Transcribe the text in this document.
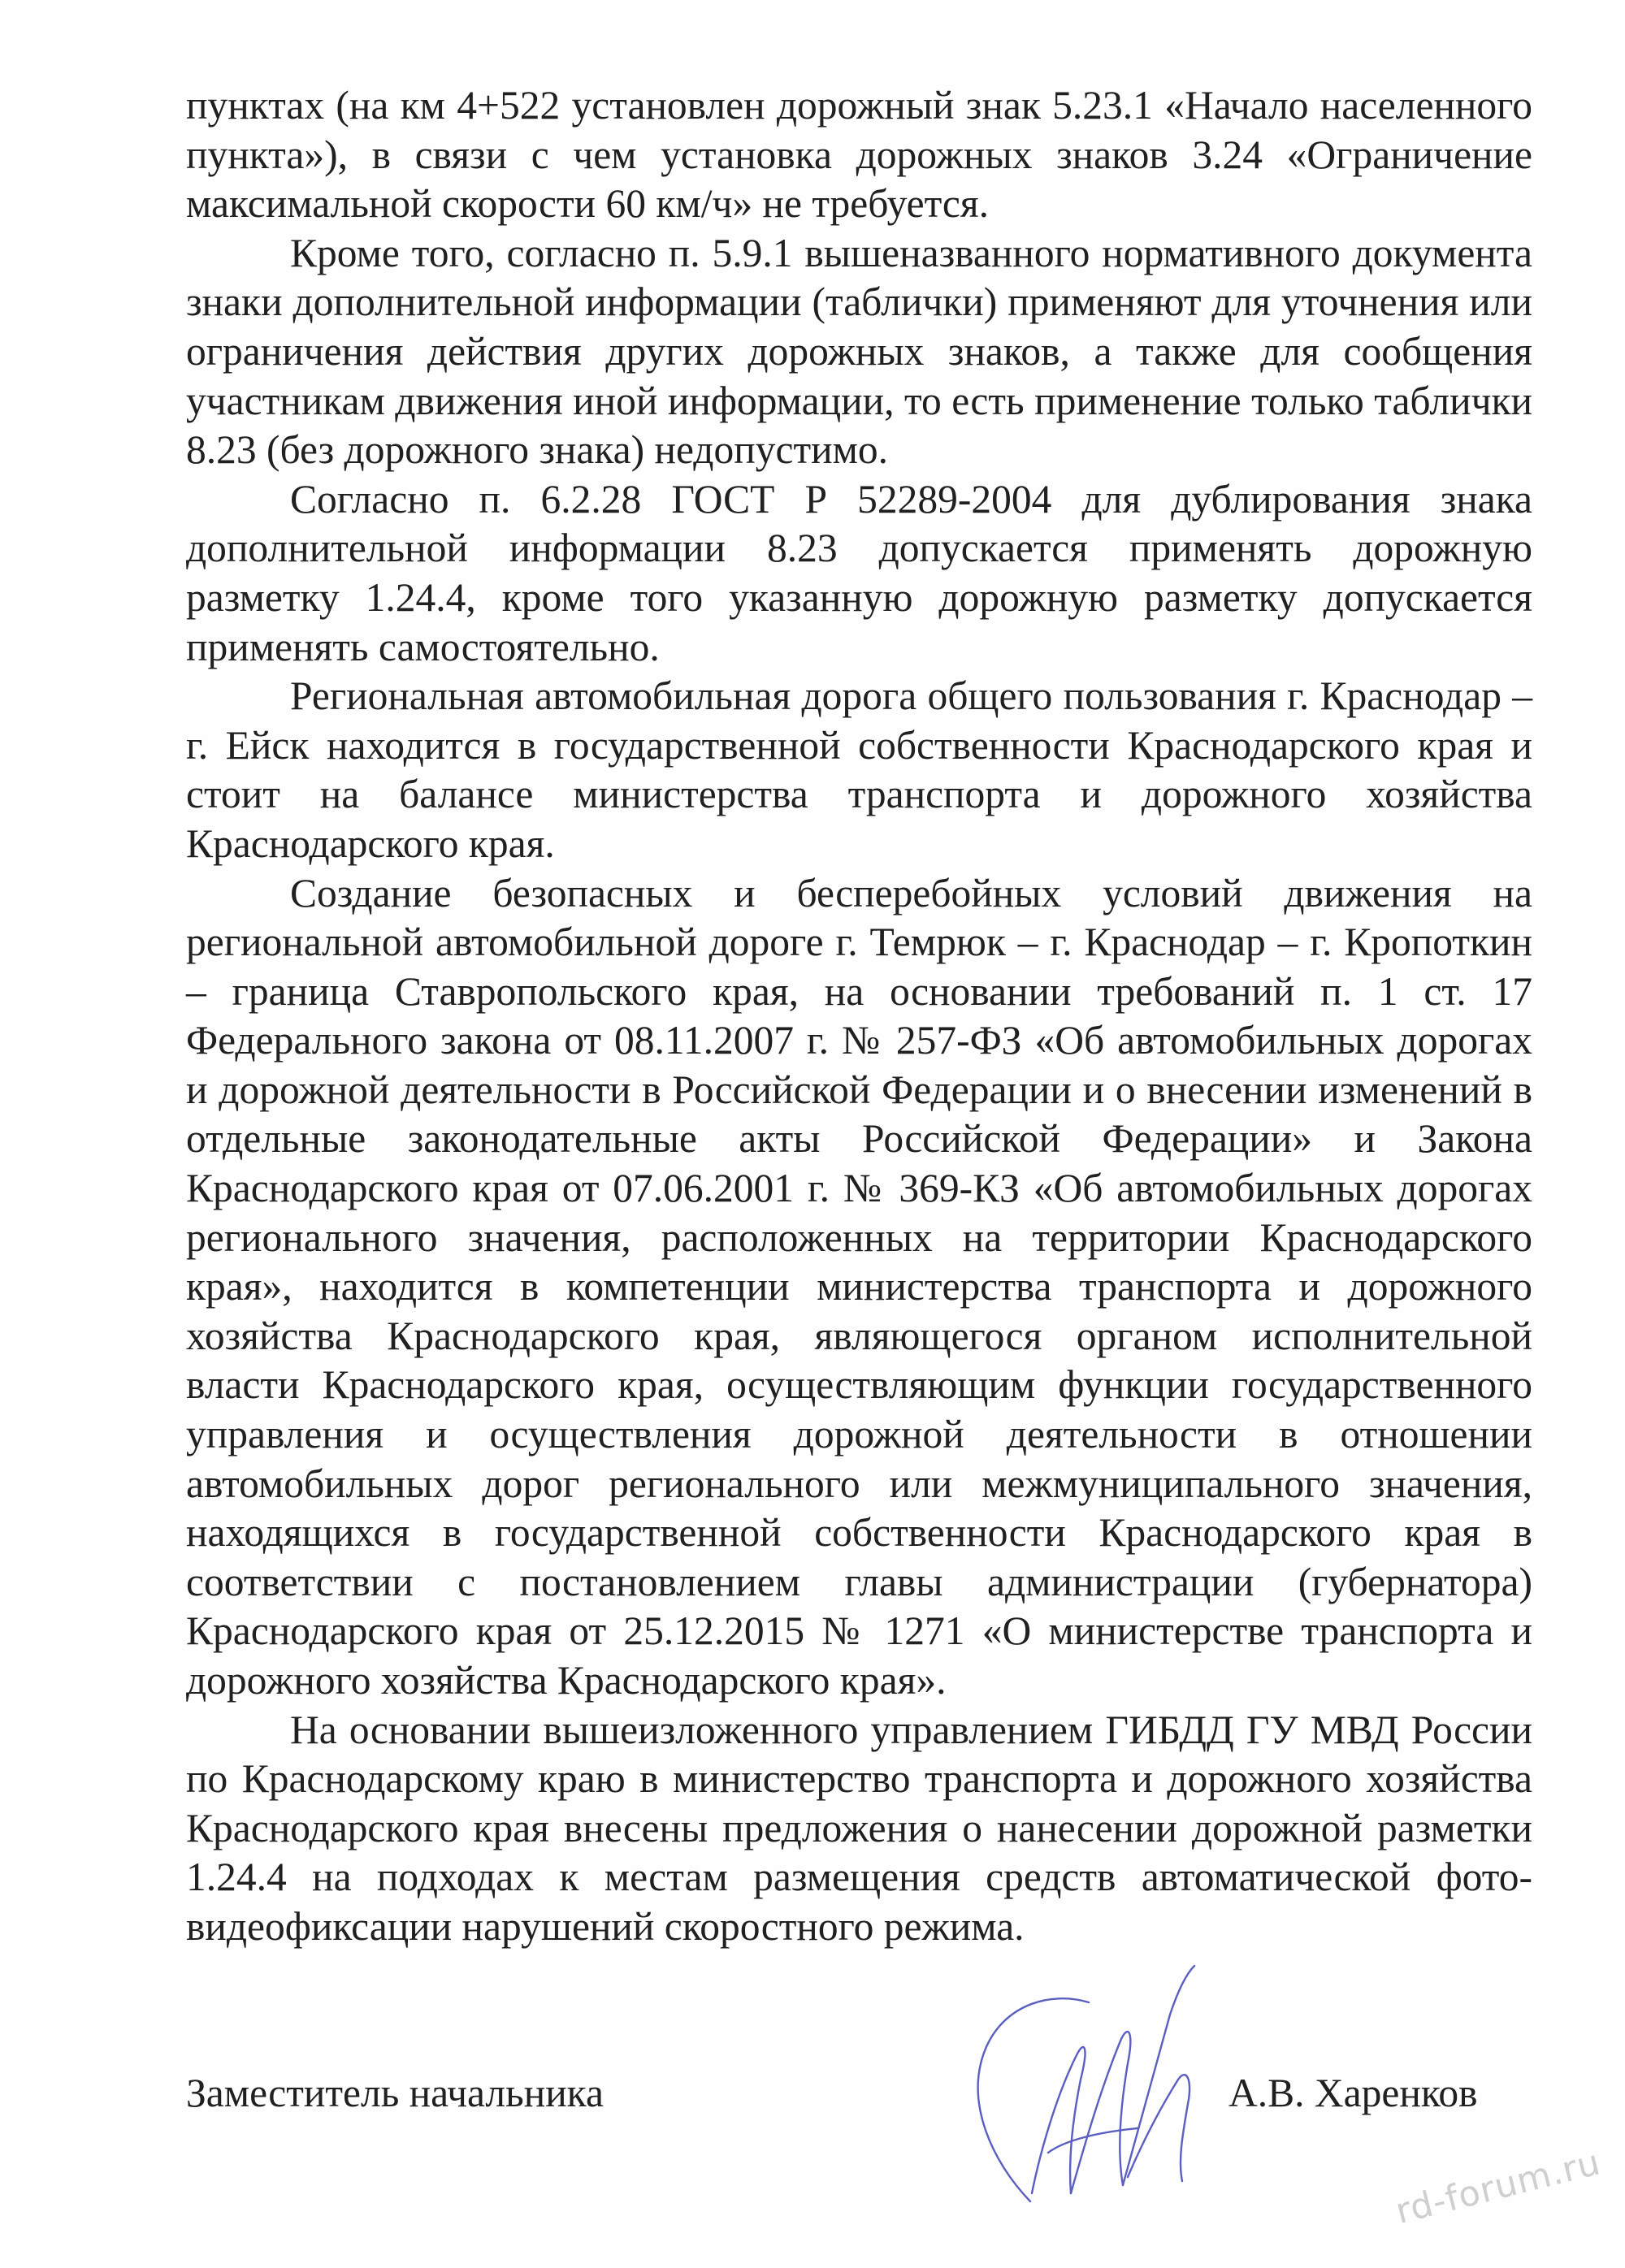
пунктах (на км 4+522 установлен дорожный знак 5.23.1 «Начало населенного пункта»), в связи с чем установка дорожных знаков 3.24 «Ограничение максимальной скорости 60 км/ч» не требуется.

Кроме того, согласно п. 5.9.1 вышеназванного нормативного документа знаки дополнительной информации (таблички) применяют для уточнения или ограничения действия других дорожных знаков, а также для сообщения участникам движения иной информации, то есть применение только таблички 8.23 (без дорожного знака) недопустимо.

Согласно п. 6.2.28 ГОСТ Р 52289-2004 для дублирования знака дополнительной информации 8.23 допускается применять дорожную разметку 1.24.4, кроме того указанную дорожную разметку допускается применять самостоятельно.

Региональная автомобильная дорога общего пользования г. Краснодар – г. Ейск находится в государственной собственности Краснодарского края и стоит на балансе министерства транспорта и дорожного хозяйства Краснодарского края.

Создание безопасных и бесперебойных условий движения на региональной автомобильной дороге г. Темрюк – г. Краснодар – г. Кропоткин – граница Ставропольского края, на основании требований п. 1 ст. 17 Федерального закона от 08.11.2007 г. № 257-ФЗ «Об автомобильных дорогах и дорожной деятельности в Российской Федерации и о внесении изменений в отдельные законодательные акты Российской Федерации» и Закона Краснодарского края от 07.06.2001 г. № 369-КЗ «Об автомобильных дорогах регионального значения, расположенных на территории Краснодарского края», находится в компетенции министерства транспорта и дорожного хозяйства Краснодарского края, являющегося органом исполнительной власти Краснодарского края, осуществляющим функции государственного управления и осуществления дорожной деятельности в отношении автомобильных дорог регионального или межмуниципального значения, находящихся в государственной собственности Краснодарского края в соответствии с постановлением главы администрации (губернатора) Краснодарского края от 25.12.2015 № 1271 «О министерстве транспорта и дорожного хозяйства Краснодарского края».

На основании вышеизложенного управлением ГИБДД ГУ МВД России по Краснодарскому краю в министерство транспорта и дорожного хозяйства Краснодарского края внесены предложения о нанесении дорожной разметки 1.24.4 на подходах к местам размещения средств автоматической фото-видеофиксации нарушений скоростного режима.

Заместитель начальника	А.В. Харенков
rd-forum.ru
